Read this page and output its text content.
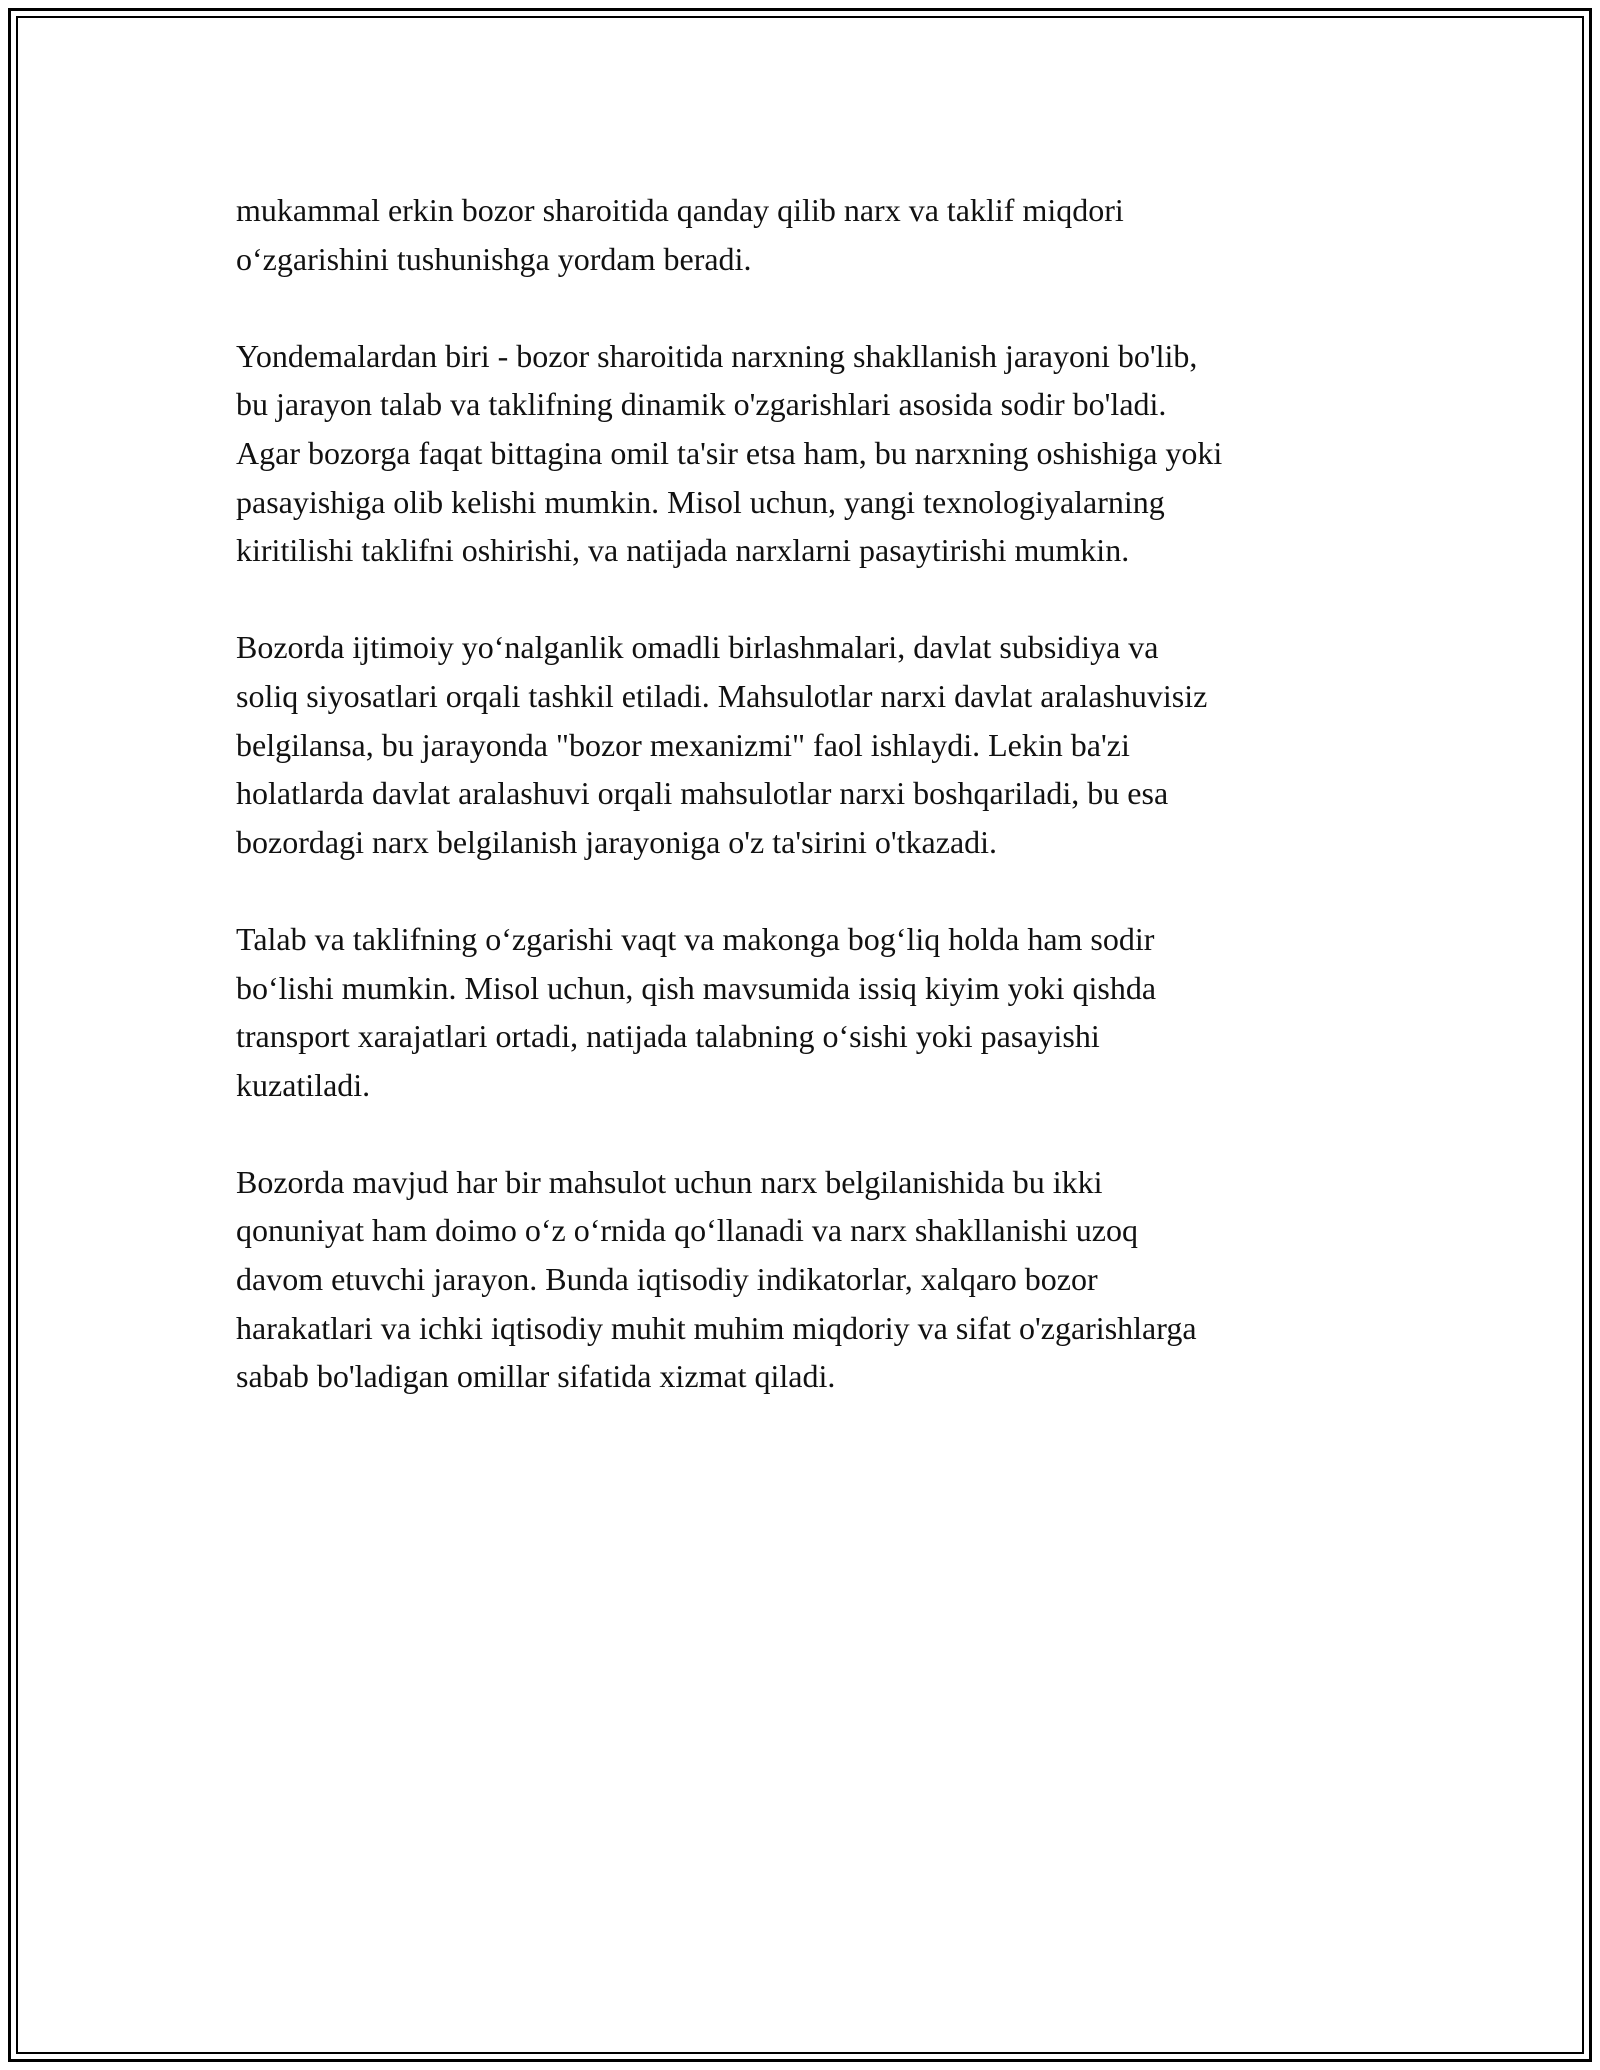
mukammal erkin bozor sharoitida qanday qilib narx va taklif miqdori
o‘zgarishini tushunishga yordam beradi.

Yondemalardan biri - bozor sharoitida narxning shakllanish jarayoni bo'lib,
bu jarayon talab va taklifning dinamik o'zgarishlari asosida sodir bo'ladi.
Agar bozorga faqat bittagina omil ta'sir etsa ham, bu narxning oshishiga yoki
pasayishiga olib kelishi mumkin. Misol uchun, yangi texnologiyalarning
kiritilishi taklifni oshirishi, va natijada narxlarni pasaytirishi mumkin.

Bozorda ijtimoiy yo‘nalganlik omadli birlashmalari, davlat subsidiya va
soliq siyosatlari orqali tashkil etiladi. Mahsulotlar narxi davlat aralashuvisiz
belgilansa, bu jarayonda "bozor mexanizmi" faol ishlaydi. Lekin ba'zi
holatlarda davlat aralashuvi orqali mahsulotlar narxi boshqariladi, bu esa
bozordagi narx belgilanish jarayoniga o'z ta'sirini o'tkazadi.

Talab va taklifning o‘zgarishi vaqt va makonga bog‘liq holda ham sodir
bo‘lishi mumkin. Misol uchun, qish mavsumida issiq kiyim yoki qishda
transport xarajatlari ortadi, natijada talabning o‘sishi yoki pasayishi
kuzatiladi.

Bozorda mavjud har bir mahsulot uchun narx belgilanishida bu ikki
qonuniyat ham doimo o‘z o‘rnida qo‘llanadi va narx shakllanishi uzoq
davom etuvchi jarayon. Bunda iqtisodiy indikatorlar, xalqaro bozor
harakatlari va ichki iqtisodiy muhit muhim miqdoriy va sifat o'zgarishlarga
sabab bo'ladigan omillar sifatida xizmat qiladi.
